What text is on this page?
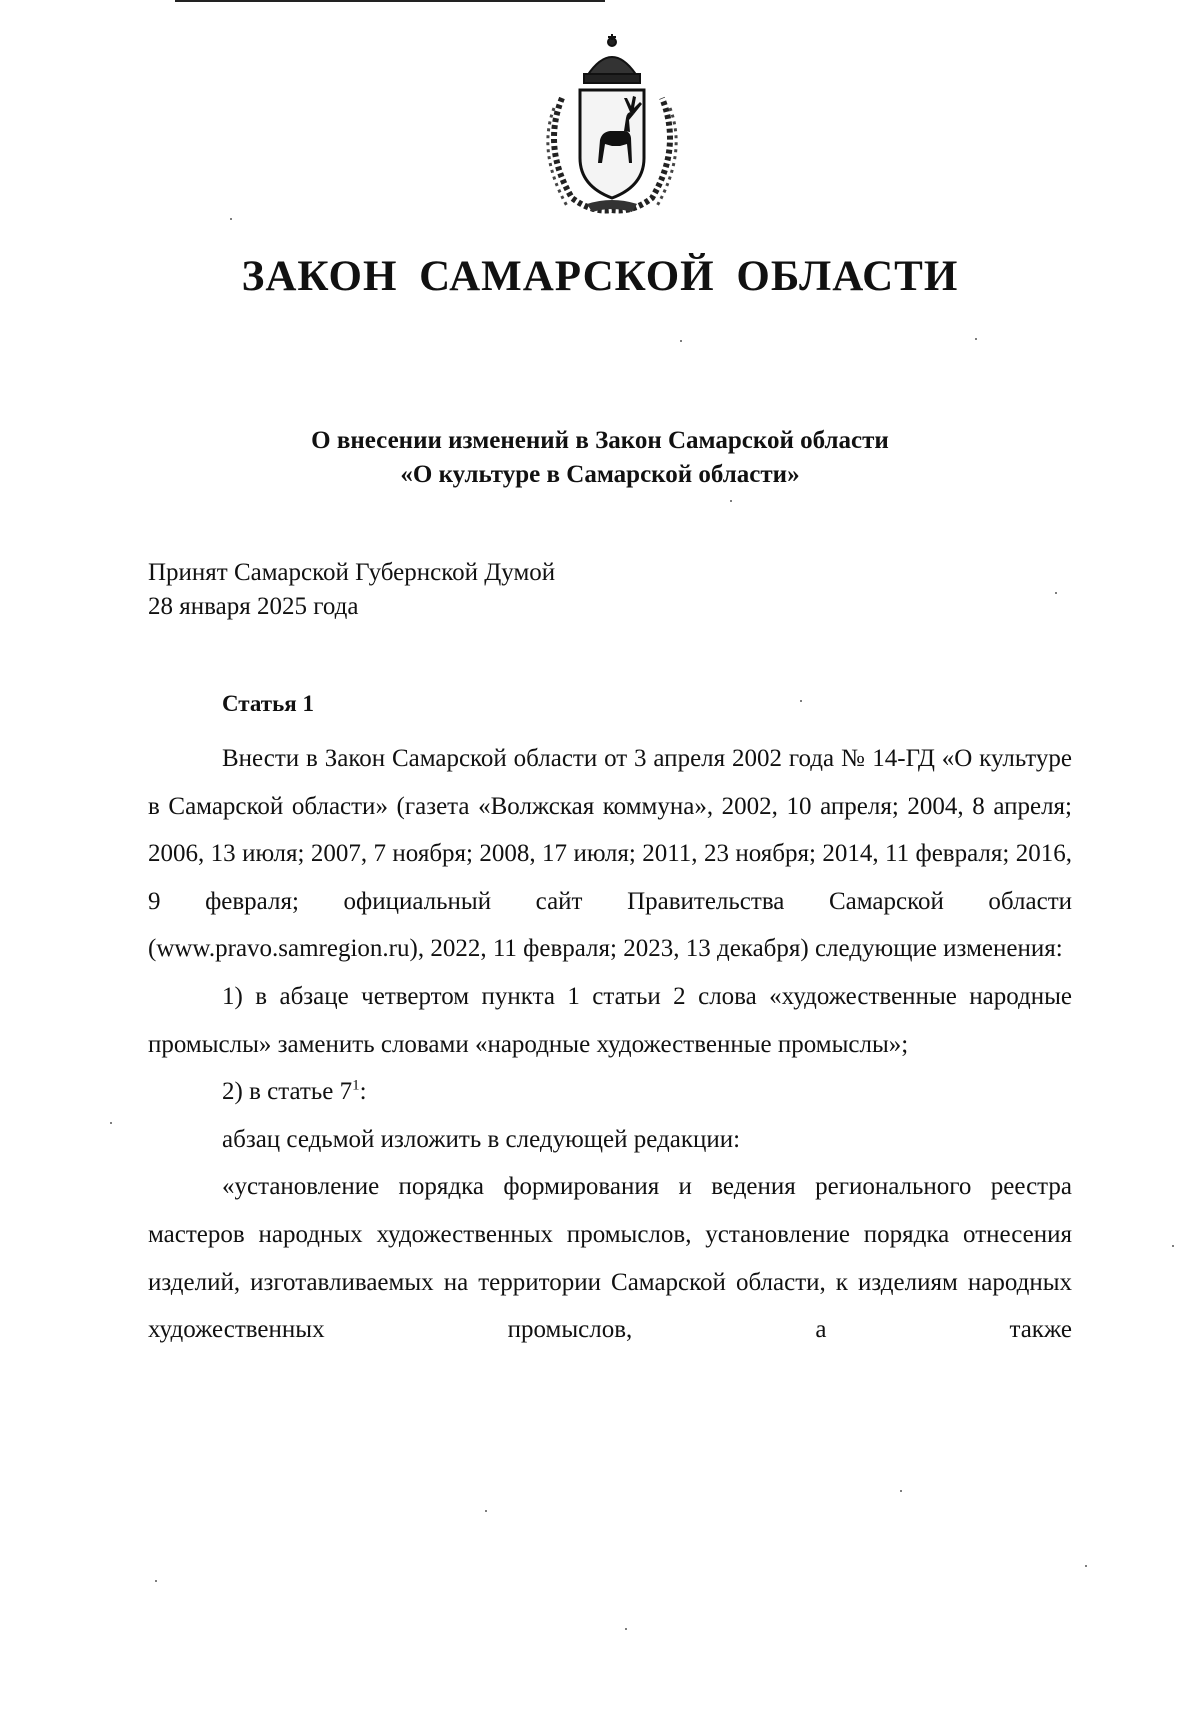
ЗАКОН САМАРСКОЙ ОБЛАСТИ
О внесении изменений в Закон Самарской области
«О культуре в Самарской области»
Принят Самарской Губернской Думой
28 января 2025 года
Статья 1

Внести в Закон Самарской области от 3 апреля 2002 года № 14-ГД «О культуре в Самарской области» (газета «Волжская коммуна», 2002, 10 апреля; 2004, 8 апреля; 2006, 13 июля; 2007, 7 ноября; 2008, 17 июля; 2011, 23 ноября; 2014, 11 февраля; 2016, 9 февраля; официальный сайт Правительства Самарской области (www.pravo.samregion.ru), 2022, 11 февраля; 2023, 13 декабря) следующие изменения:

1) в абзаце четвертом пункта 1 статьи 2 слова «художественные народные промыслы» заменить словами «народные художественные промыслы»;

2) в статье $7^1$:

абзац седьмой изложить в следующей редакции:

«установление порядка формирования и ведения регионального реестра мастеров народных художественных промыслов, установление порядка отнесения изделий, изготавливаемых на территории Самарской области, к изделиям народных художественных промыслов, а также
